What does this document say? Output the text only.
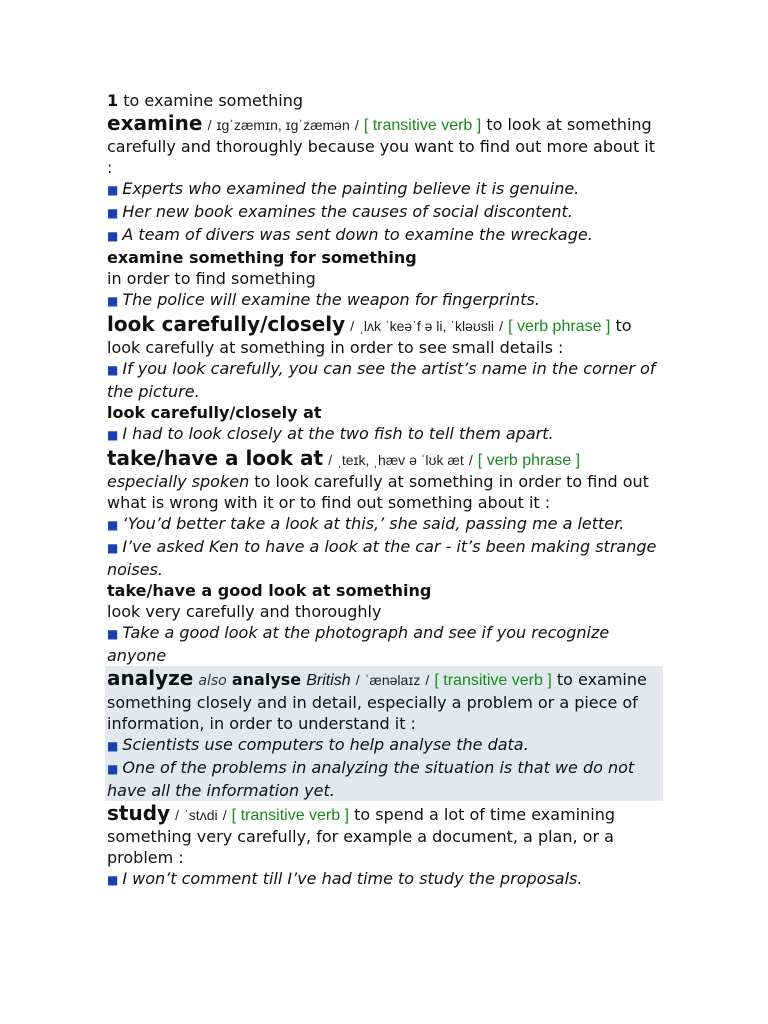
1 to examine something
examine / ɪɡˈzæmɪn, ɪɡˈzæmən / [ transitive verb ] to look at something carefully and thoroughly because you want to find out more about it :
■ Experts who examined the painting believe it is genuine.
■ Her new book examines the causes of social discontent.
■ A team of divers was sent down to examine the wreckage.
examine something for something
in order to find something
■ The police will examine the weapon for fingerprints.
look carefully/closely / ˌlʌk ˈkeəˈf ə li, ˈkləʊsli / [ verb phrase ] to look carefully at something in order to see small details :
■ If you look carefully, you can see the artist’s name in the corner of the picture.
look carefully/closely at
■ I had to look closely at the two fish to tell them apart.
take/have a look at / ˌteɪk, ˌhæv ə ˈlʊk æt / [ verb phrase ] especially spoken to look carefully at something in order to find out what is wrong with it or to find out something about it :
■ ‘You’d better take a look at this,’ she said, passing me a letter.
■ I’ve asked Ken to have a look at the car - it’s been making strange noises.
take/have a good look at something
look very carefully and thoroughly
■ Take a good look at the photograph and see if you recognize anyone
analyze also analyse British / ˈænəlaɪz / [ transitive verb ] to examine something closely and in detail, especially a problem or a piece of information, in order to understand it :
■ Scientists use computers to help analyse the data.
■ One of the problems in analyzing the situation is that we do not have all the information yet.
study / ˈstʌdi / [ transitive verb ] to spend a lot of time examining something very carefully, for example a document, a plan, or a problem :
■ I won’t comment till I’ve had time to study the proposals.
